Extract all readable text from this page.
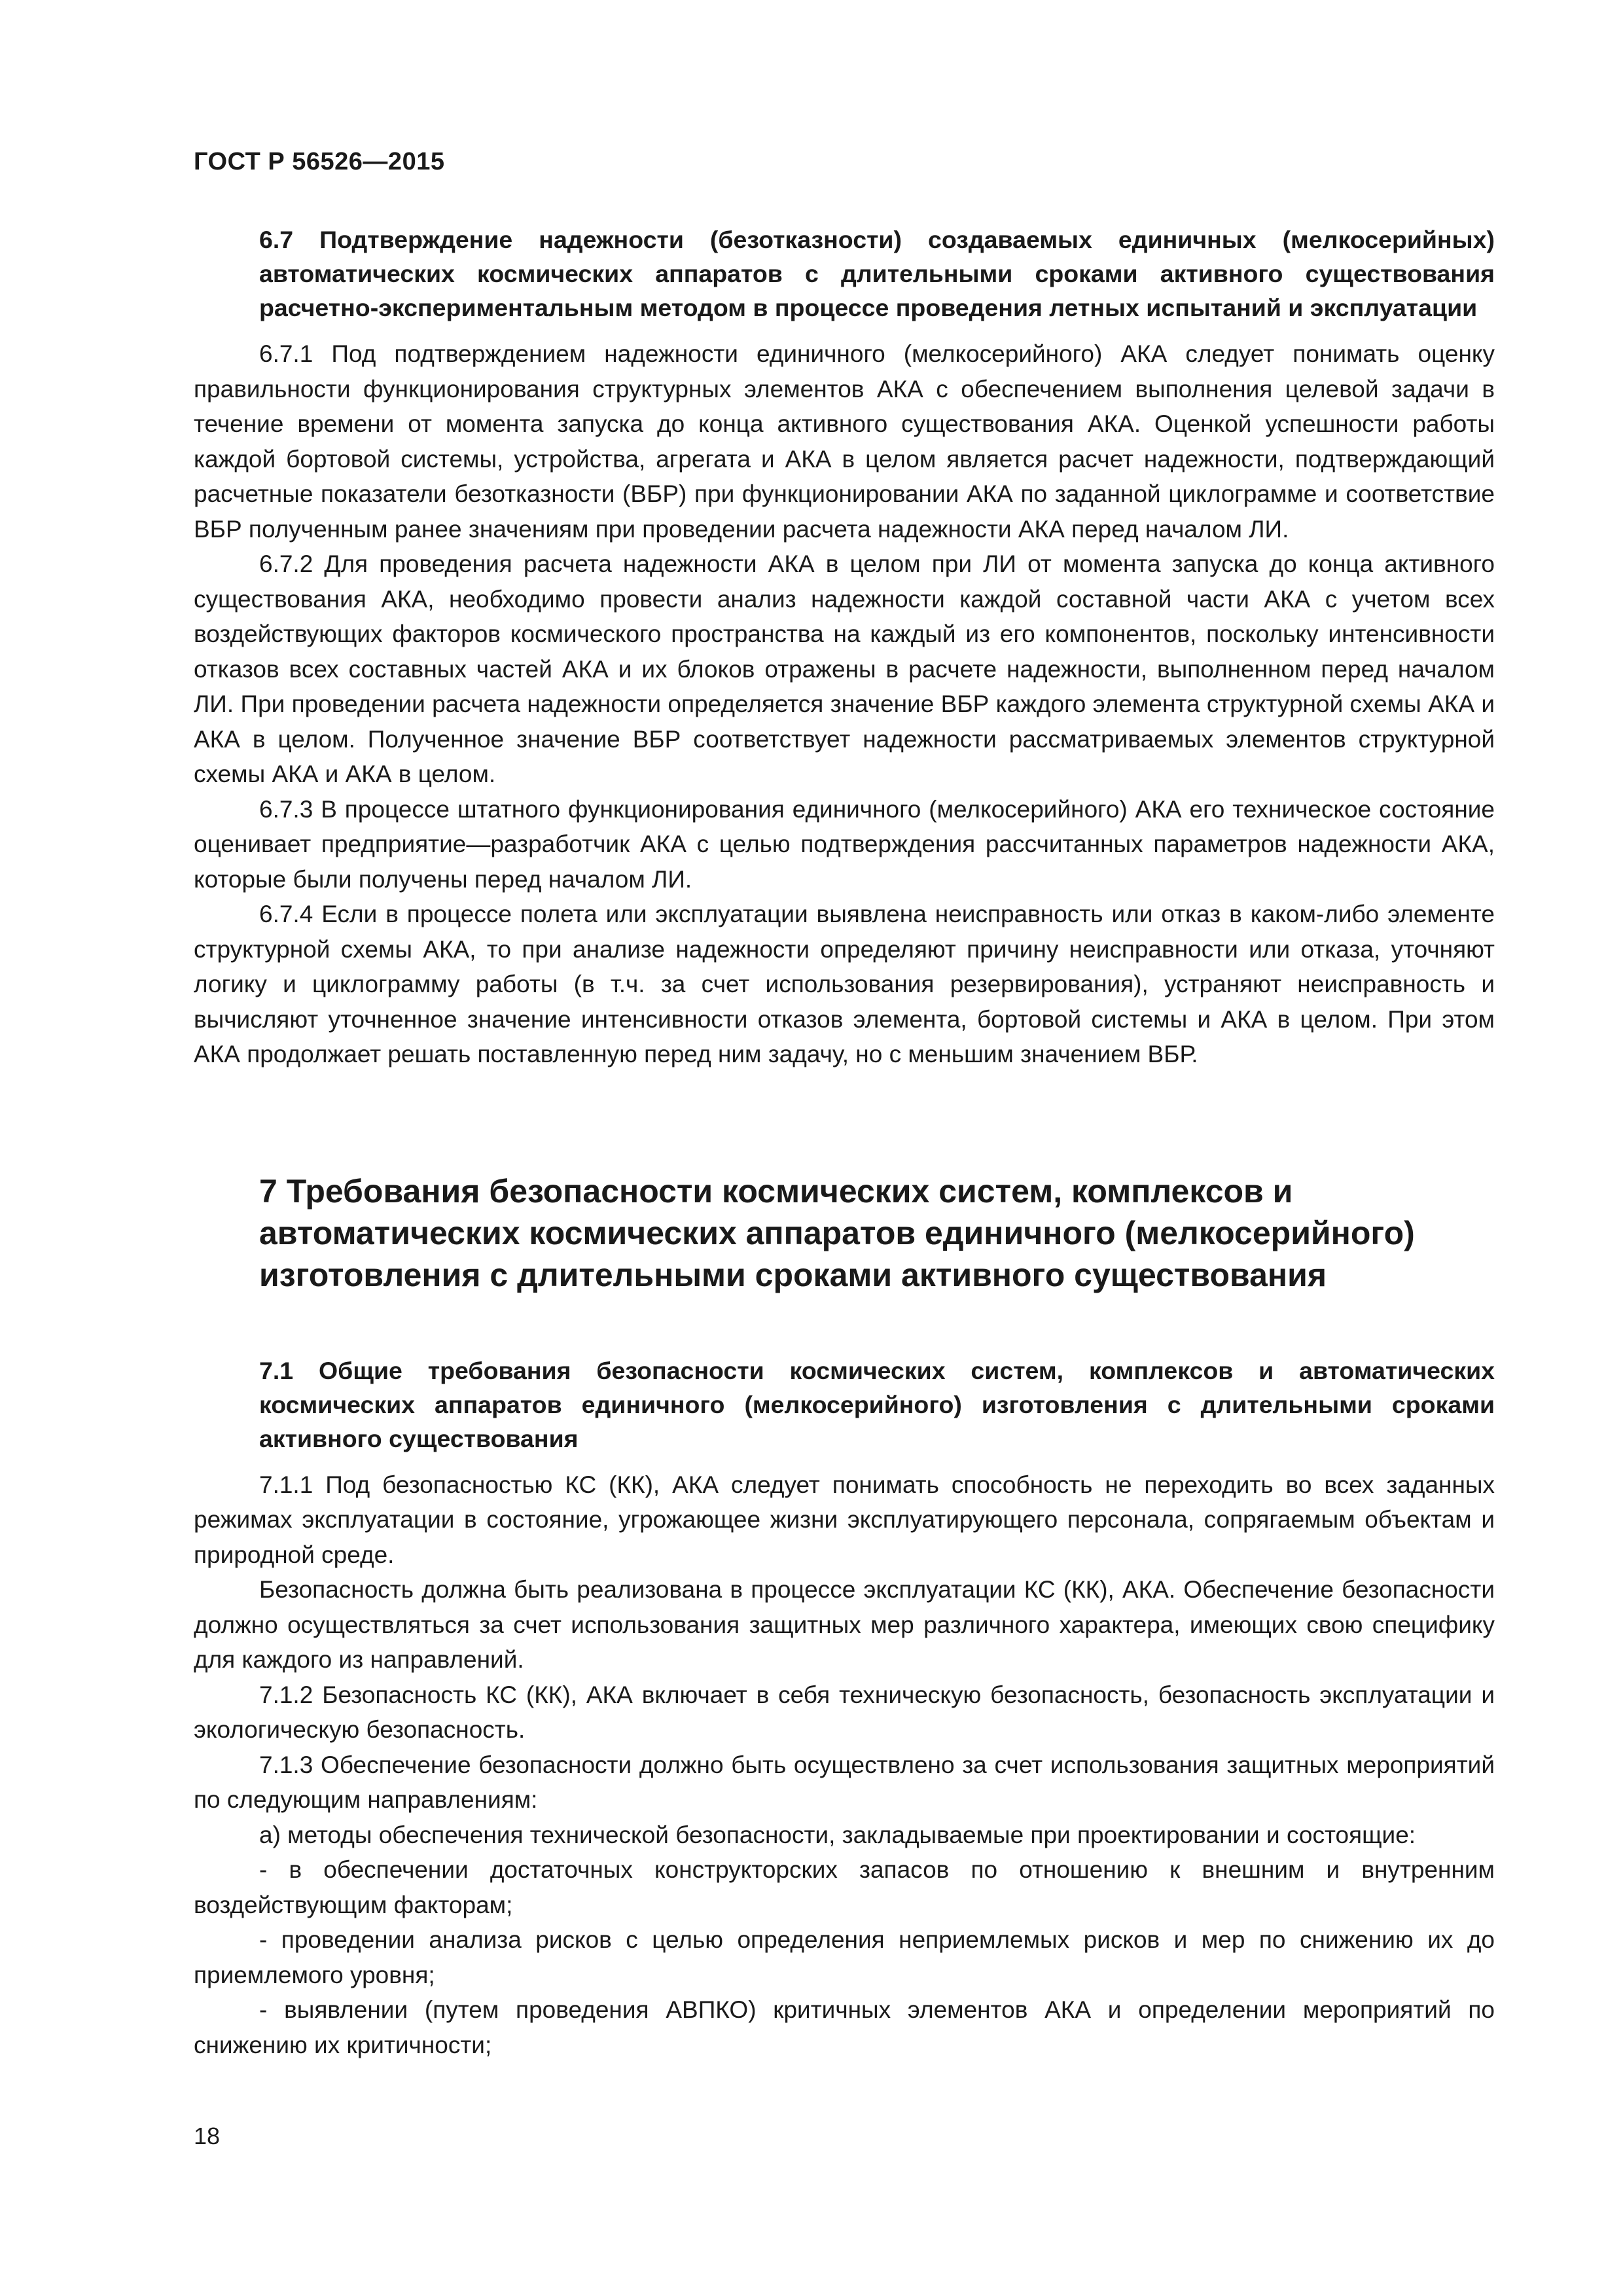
ГОСТ Р 56526—2015
6.7 Подтверждение надежности (безотказности) создаваемых единичных (мелкосерийных) автоматических космических аппаратов с длительными сроками активного существования расчетно-экспериментальным методом в процессе проведения летных испытаний и эксплуатации

6.7.1 Под подтверждением надежности единичного (мелкосерийного) АКА следует понимать оценку правильности функционирования структурных элементов АКА с обеспечением выполнения целевой задачи в течение времени от момента запуска до конца активного существования АКА. Оценкой успешности работы каждой бортовой системы, устройства, агрегата и АКА в целом является расчет надежности, подтверждающий расчетные показатели безотказности (ВБР) при функционировании АКА по заданной циклограмме и соответствие ВБР полученным ранее значениям при проведении расчета надежности АКА перед началом ЛИ.

6.7.2 Для проведения расчета надежности АКА в целом при ЛИ от момента запуска до конца активного существования АКА, необходимо провести анализ надежности каждой составной части АКА с учетом всех воздействующих факторов космического пространства на каждый из его компонентов, поскольку интенсивности отказов всех составных частей АКА и их блоков отражены в расчете надежности, выполненном перед началом ЛИ. При проведении расчета надежности определяется значение ВБР каждого элемента структурной схемы АКА и АКА в целом. Полученное значение ВБР соответствует надежности рассматриваемых элементов структурной схемы АКА и АКА в целом.

6.7.3 В процессе штатного функционирования единичного (мелкосерийного) АКА его техническое состояние оценивает предприятие—разработчик АКА с целью подтверждения рассчитанных параметров надежности АКА, которые были получены перед началом ЛИ.

6.7.4 Если в процессе полета или эксплуатации выявлена неисправность или отказ в каком-либо элементе структурной схемы АКА, то при анализе надежности определяют причину неисправности или отказа, уточняют логику и циклограмму работы (в т.ч. за счет использования резервирования), устраняют неисправность и вычисляют уточненное значение интенсивности отказов элемента, бортовой системы и АКА в целом. При этом АКА продолжает решать поставленную перед ним задачу, но с меньшим значением ВБР.

7 Требования безопасности космических систем, комплексов и автоматических космических аппаратов единичного (мелкосерийного) изготовления с длительными сроками активного существования
7.1 Общие требования безопасности космических систем, комплексов и автоматических космических аппаратов единичного (мелкосерийного) изготовления с длительными сроками активного существования

7.1.1 Под безопасностью КС (КК), АКА следует понимать способность не переходить во всех заданных режимах эксплуатации в состояние, угрожающее жизни эксплуатирующего персонала, сопрягаемым объектам и природной среде.

Безопасность должна быть реализована в процессе эксплуатации КС (КК), АКА. Обеспечение безопасности должно осуществляться за счет использования защитных мер различного характера, имеющих свою специфику для каждого из направлений.

7.1.2 Безопасность КС (КК), АКА включает в себя техническую безопасность, безопасность эксплуатации и экологическую безопасность.

7.1.3 Обеспечение безопасности должно быть осуществлено за счет использования защитных мероприятий по следующим направлениям:

а) методы обеспечения технической безопасности, закладываемые при проектировании и состоящие:

- в обеспечении достаточных конструкторских запасов по отношению к внешним и внутренним воздействующим факторам;

- проведении анализа рисков с целью определения неприемлемых рисков и мер по снижению их до приемлемого уровня;

- выявлении (путем проведения АВПКО) критичных элементов АКА и определении мероприятий по снижению их критичности;

18
